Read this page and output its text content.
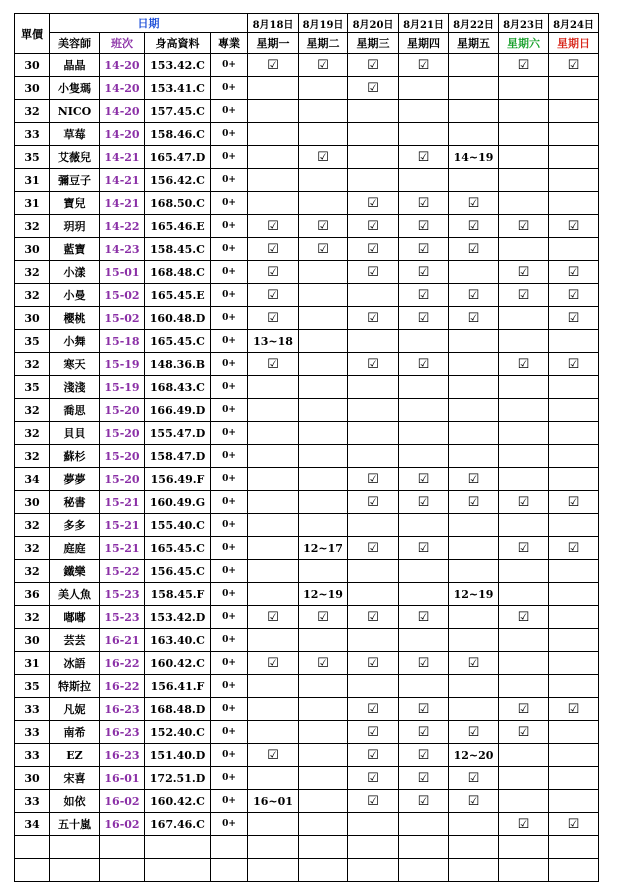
單價	日期				8月18日	8月19日	8月20日	8月21日	8月22日	8月23日	8月24日
	美容師	班次	身高資料	專業	星期一	星期二	星期三	星期四	星期五	星期六	星期日
30	晶晶	14-20	153.42.C	0+	☑	☑	☑	☑		☑	☑
30	小隻瑪	14-20	153.41.C	0+			☑				
32	NICO	14-20	157.45.C	0+							
33	草莓	14-20	158.46.C	0+							
35	艾薇兒	14-21	165.47.D	0+		☑		☑	14~19		
31	彌豆子	14-21	156.42.C	0+							
31	寶兒	14-21	168.50.C	0+			☑	☑	☑		
32	玥玥	14-22	165.46.E	0+	☑	☑	☑	☑	☑	☑	☑
30	藍寶	14-23	158.45.C	0+	☑	☑	☑	☑	☑		
32	小漾	15-01	168.48.C	0+	☑		☑	☑		☑	☑
32	小曼	15-02	165.45.E	0+	☑			☑	☑	☑	☑
30	櫻桃	15-02	160.48.D	0+	☑		☑	☑	☑		☑
35	小舞	15-18	165.45.C	0+	13~18						
32	寒天	15-19	148.36.B	0+	☑		☑	☑		☑	☑
35	淺淺	15-19	168.43.C	0+							
32	喬思	15-20	166.49.D	0+							
32	貝貝	15-20	155.47.D	0+							
32	蘇杉	15-20	158.47.D	0+							
34	夢夢	15-20	156.49.F	0+			☑	☑	☑		
30	秘書	15-21	160.49.G	0+			☑	☑	☑	☑	☑
32	多多	15-21	155.40.C	0+							
32	庭庭	15-21	165.45.C	0+		12~17	☑	☑		☑	☑
32	鐵樂	15-22	156.45.C	0+							
36	美人魚	15-23	158.45.F	0+		12~19			12~19		
32	嘟嘟	15-23	153.42.D	0+	☑	☑	☑	☑		☑	
30	芸芸	16-21	163.40.C	0+							
31	冰語	16-22	160.42.C	0+	☑	☑	☑	☑	☑		
35	特斯拉	16-22	156.41.F	0+							
33	凡妮	16-23	168.48.D	0+			☑	☑		☑	☑
33	南希	16-23	152.40.C	0+			☑	☑	☑	☑	
33	EZ	16-23	151.40.D	0+	☑		☑	☑	12~20		
30	宋喜	16-01	172.51.D	0+			☑	☑	☑		
33	如依	16-02	160.42.C	0+	16~01		☑	☑	☑		
34	五十嵐	16-02	167.46.C	0+						☑	☑
